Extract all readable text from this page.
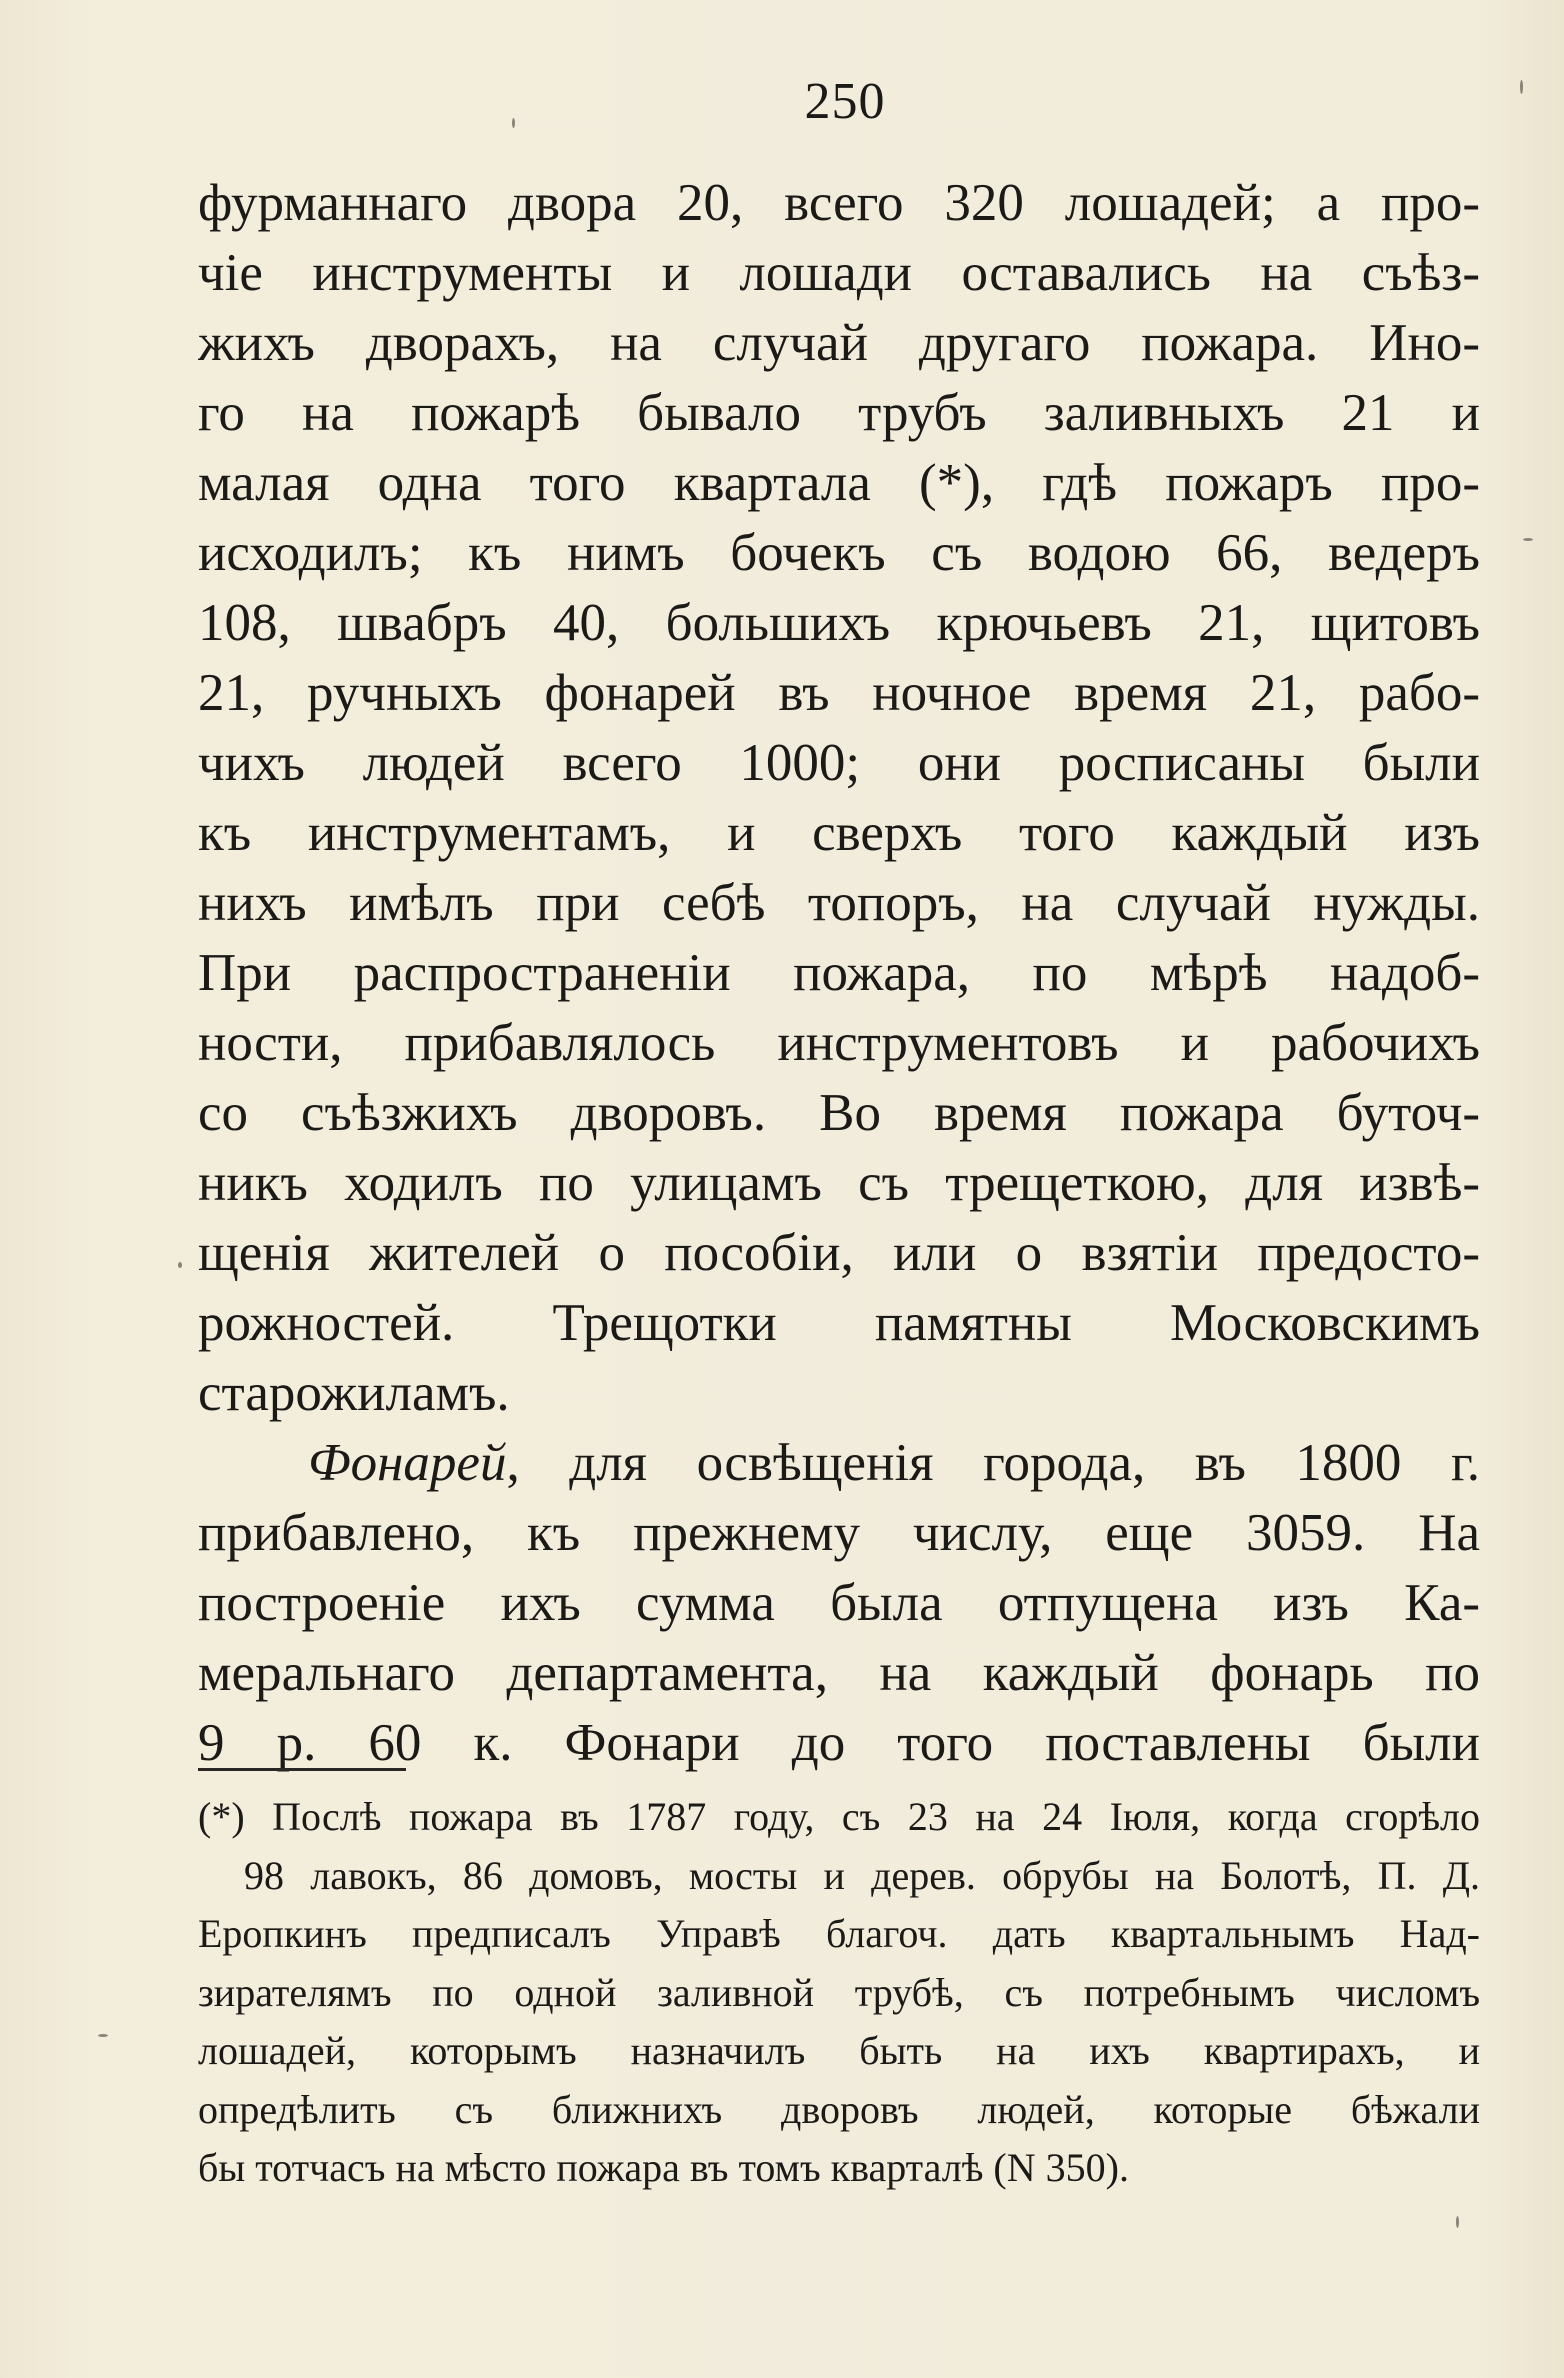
250
фурманнаго двора 20, всего 320 лошадей; а про-
чіе инструменты и лошади оставались на съѣз-
жихъ дворахъ, на случай другаго пожара. Ино-
го на пожарѣ бывало трубъ заливныхъ 21 и
малая одна того квартала (*), гдѣ пожаръ про-
исходилъ; къ нимъ бочекъ съ водою 66, ведеръ
108, швабръ 40, большихъ крючьевъ 21, щитовъ
21, ручныхъ фонарей въ ночное время 21, рабо-
чихъ людей всего 1000; они росписаны были
къ инструментамъ, и сверхъ того каждый изъ
нихъ имѣлъ при себѣ топоръ, на случай нужды.
При распространеніи пожара, по мѣрѣ надоб-
ности, прибавлялось инструментовъ и рабочихъ
со съѣзжихъ дворовъ. Во время пожара буточ-
никъ ходилъ по улицамъ съ трещеткою, для извѣ-
щенія жителей о пособіи, или о взятіи предосто-
рожностей. Трещотки памятны Московскимъ
старожиламъ.
Фонарей, для освѣщенія города, въ 1800 г.
прибавлено, къ прежнему числу, еще 3059. На
построеніе ихъ сумма была отпущена изъ Ка-
меральнаго департамента, на каждый фонарь по
9 р. 60 к. Фонари до того поставлены были
(*) Послѣ пожара въ 1787 году, съ 23 на 24 Іюля, когда сгорѣло
98 лавокъ, 86 домовъ, мосты и дерев. обрубы на Болотѣ, П. Д.
Еропкинъ предписалъ Управѣ благоч. дать квартальнымъ Над-
зирателямъ по одной заливной трубѣ, съ потребнымъ числомъ
лошадей, которымъ назначилъ быть на ихъ квартирахъ, и
опредѣлить съ ближнихъ дворовъ людей, которые бѣжали
бы тотчасъ на мѣсто пожара въ томъ кварталѣ (N 350).
